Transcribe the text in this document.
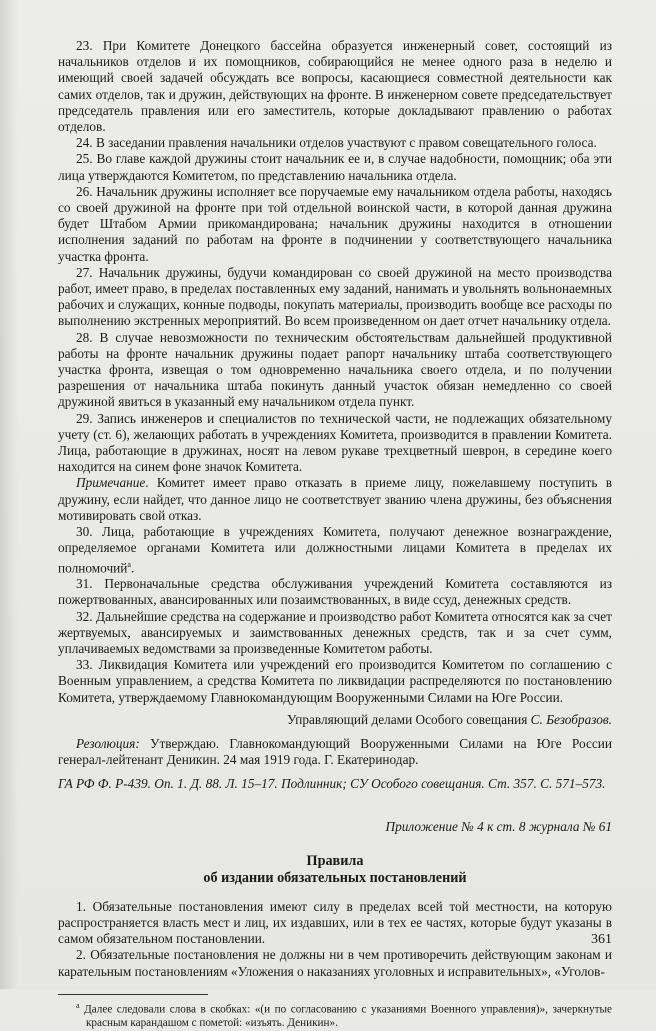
23. При Комитете Донецкого бассейна образуется инженерный совет, состоящий из начальников отделов и их помощников, собирающийся не менее одного раза в неделю и имеющий своей задачей обсуждать все вопросы, касающиеся совместной деятельности как самих отделов, так и дружин, действующих на фронте. В инженерном совете председательствует председатель правления или его заместитель, которые докладывают правлению о работах отделов.

24. В заседании правления начальники отделов участвуют с правом совещательного голоса.

25. Во главе каждой дружины стоит начальник ее и, в случае надобности, помощник; оба эти лица утверждаются Комитетом, по представлению начальника отдела.

26. Начальник дружины исполняет все поручаемые ему начальником отдела работы, находясь со своей дружиной на фронте при той отдельной воинской части, в которой данная дружина будет Штабом Армии прикомандирована; начальник дружины находится в отношении исполнения заданий по работам на фронте в подчинении у соответствующего начальника участка фронта.

27. Начальник дружины, будучи командирован со своей дружиной на место производства работ, имеет право, в пределах поставленных ему заданий, нанимать и увольнять вольнонаемных рабочих и служащих, конные подводы, покупать материалы, производить вообще все расходы по выполнению экстренных мероприятий. Во всем произведенном он дает отчет начальнику отдела.

28. В случае невозможности по техническим обстоятельствам дальнейшей продуктивной работы на фронте начальник дружины подает рапорт начальнику штаба соответствующего участка фронта, извещая о том одновременно начальника своего отдела, и по получении разрешения от начальника штаба покинуть данный участок обязан немедленно со своей дружиной явиться в указанный ему начальником отдела пункт.

29. Запись инженеров и специалистов по технической части, не подлежащих обязательному учету (ст. 6), желающих работать в учреждениях Комитета, производится в правлении Комитета. Лица, работающие в дружинах, носят на левом рукаве трехцветный шеврон, в середине коего находится на синем фоне значок Комитета.

Примечание. Комитет имеет право отказать в приеме лицу, пожелавшему поступить в дружину, если найдет, что данное лицо не соответствует званию члена дружины, без объяснения мотивировать свой отказ.

30. Лица, работающие в учреждениях Комитета, получают денежное вознаграждение, определяемое органами Комитета или должностными лицами Комитета в пределах их полномочий$^а$.

31. Первоначальные средства обслуживания учреждений Комитета составляются из пожертвованных, авансированных или позаимствованных, в виде ссуд, денежных средств.

32. Дальнейшие средства на содержание и производство работ Комитета относятся как за счет жертвуемых, авансируемых и заимствованных денежных средств, так и за счет сумм, уплачиваемых ведомствами за произведенные Комитетом работы.

33. Ликвидация Комитета или учреждений его производится Комитетом по соглашению с Военным управлением, а средства Комитета по ликвидации распределяются по постановлению Комитета, утверждаемому Главнокомандующим Вооруженными Силами на Юге России.

Управляющий делами Особого совещания С. Безобразов.

Резолюция: Утверждаю. Главнокомандующий Вооруженными Силами на Юге России генерал-лейтенант Деникин. 24 мая 1919 года. Г. Екатеринодар.

ГА РФ Ф. Р-439. Оп. 1. Д. 88. Л. 15–17. Подлинник; СУ Особого совещания. Ст. 357. С. 571–573.

Приложение № 4 к ст. 8 журнала № 61

Правила
об издании обязательных постановлений

1. Обязательные постановления имеют силу в пределах всей той местности, на которую распространяется власть мест и лиц, их издавших, или в тех ее частях, которые будут указаны в самом обязательном постановлении.

2. Обязательные постановления не должны ни в чем противоречить действующим законам и карательным постановлениям «Уложения о наказаниях уголовных и исправительных», «Уголов-

$^а$ Далее следовали слова в скобках: «(и по согласованию с указаниями Военного управления)», зачеркнутые красным карандашом с пометой: «изъять. Деникин».

361
